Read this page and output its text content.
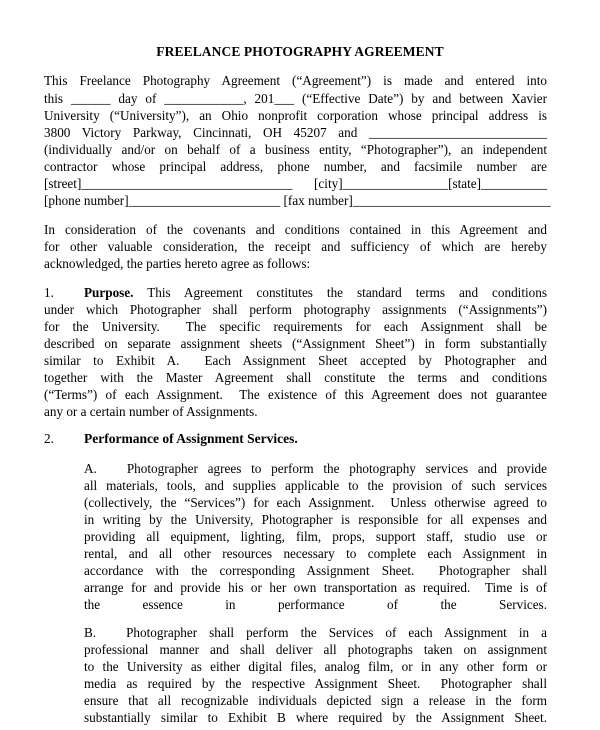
FREELANCE PHOTOGRAPHY AGREEMENT
This Freelance Photography Agreement (“Agreement”) is made and entered into
this ______ day of ____________, 201___ (“Effective Date”) by and between Xavier
University (“University”), an Ohio nonprofit corporation whose principal address is
3800 Victory Parkway, Cincinnati, OH 45207 and ___________________________
(individually and/or on behalf of a business entity, “Photographer”), an independent
contractor whose principal address, phone number, and facsimile number are
[street]________________________________ [city]________________[state]__________
[phone number]_______________________ [fax number]______________________________
In consideration of the covenants and conditions contained in this Agreement and
for other valuable consideration, the receipt and sufficiency of which are hereby
acknowledged, the parties hereto agree as follows:
1. Purpose. This Agreement constitutes the standard terms and conditions
under which Photographer shall perform photography assignments (“Assignments”)
for the University.  The specific requirements for each Assignment shall be
described on separate assignment sheets (“Assignment Sheet”) in form substantially
similar to Exhibit A.  Each Assignment Sheet accepted by Photographer and
together with the Master Agreement shall constitute the terms and conditions
(“Terms”) of each Assignment.  The existence of this Agreement does not guarantee
any or a certain number of Assignments.
2. Performance of Assignment Services.
A. Photographer agrees to perform the photography services and provide
all materials, tools, and supplies applicable to the provision of such services
(collectively, the “Services”) for each Assignment.  Unless otherwise agreed to
in writing by the University, Photographer is responsible for all expenses and
providing all equipment, lighting, film, props, support staff, studio use or
rental, and all other resources necessary to complete each Assignment in
accordance with the corresponding Assignment Sheet.  Photographer shall
arrange for and provide his or her own transportation as required.  Time is of
the essence in performance of the Services.
B. Photographer shall perform the Services of each Assignment in a
professional manner and shall deliver all photographs taken on assignment
to the University as either digital files, analog film, or in any other form or
media as required by the respective Assignment Sheet.  Photographer shall
ensure that all recognizable individuals depicted sign a release in the form
substantially similar to Exhibit B where required by the Assignment Sheet.
